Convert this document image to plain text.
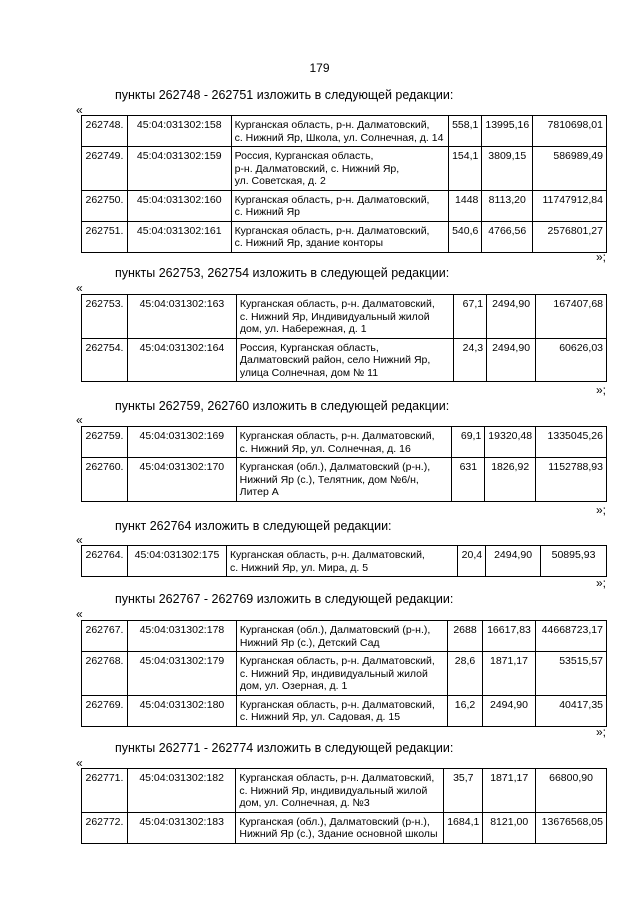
179
пункты 262748 - 262751 изложить в следующей редакции:
«
262748.	45:04:031302:158	Курганская область, р-н. Далматовский,
с. Нижний Яр, Школа, ул. Солнечная, д. 14	558,1	13995,16	7810698,01
262749.	45:04:031302:159	Россия, Курганская область,
р-н. Далматовский, с. Нижний Яр,
ул. Советская, д. 2	154,1	3809,15	586989,49
262750.	45:04:031302:160	Курганская область, р-н. Далматовский,
с. Нижний Яр	1448	8113,20	11747912,84
262751.	45:04:031302:161	Курганская область, р-н. Далматовский,
с. Нижний Яр, здание конторы	540,6	4766,56	2576801,27
»;
пункты 262753, 262754 изложить в следующей редакции:
«
262753.	45:04:031302:163	Курганская область, р-н. Далматовский,
с. Нижний Яр, Индивидуальный жилой
дом, ул. Набережная, д. 1	67,1	2494,90	167407,68
262754.	45:04:031302:164	Россия, Курганская область,
Далматовский район, село Нижний Яр,
улица Солнечная, дом № 11	24,3	2494,90	60626,03
»;
пункты 262759, 262760 изложить в следующей редакции:
«
262759.	45:04:031302:169	Курганская область, р-н. Далматовский,
с. Нижний Яр, ул. Солнечная, д. 16	69,1	19320,48	1335045,26
262760.	45:04:031302:170	Курганская (обл.), Далматовский (р-н.),
Нижний Яр (с.), Телятник, дом №6/н,
Литер А	631	1826,92	1152788,93
»;
пункт 262764 изложить в следующей редакции:
«
262764.	45:04:031302:175	Курганская область, р-н. Далматовский,
с. Нижний Яр, ул. Мира, д. 5
	20,4	2494,90	50895,93
»;
пункты 262767 - 262769 изложить в следующей редакции:
«
262767.	45:04:031302:178	Курганская (обл.), Далматовский (р-н.),
Нижний Яр (с.), Детский Сад	2688	16617,83	44668723,17
262768.	45:04:031302:179	Курганская область, р-н. Далматовский,
с. Нижний Яр, индивидуальный жилой
дом, ул. Озерная, д. 1	28,6	1871,17	53515,57
262769.	45:04:031302:180	Курганская область, р-н. Далматовский,
с. Нижний Яр, ул. Садовая, д. 15	16,2	2494,90	40417,35
»;
пункты 262771 - 262774 изложить в следующей редакции:
«
262771.	45:04:031302:182	Курганская область, р-н. Далматовский,
с. Нижний Яр, индивидуальный жилой
дом, ул. Солнечная, д. №3	35,7	1871,17	66800,90
262772.	45:04:031302:183	Курганская (обл.), Далматовский (р-н.),
Нижний Яр (с.), Здание основной школы	1684,1	8121,00	13676568,05
